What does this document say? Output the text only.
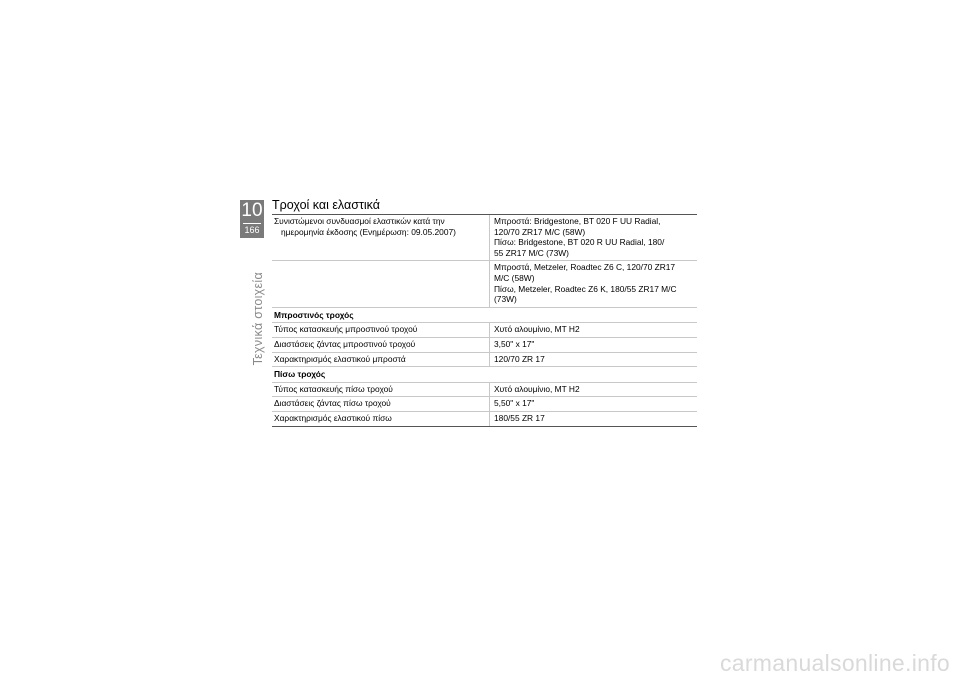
10
166
Τεχνικά στοιχεία
Τροχοί και ελαστικά
Συνιστώμενοι συνδυασμοί ελαστικών κατά την
ημερομηνία έκδοσης (Ενημέρωση: 09.05.2007)	Μπροστά: Bridgestone, BT 020 F UU Radial,
120/70 ZR17 M/C (58W)
Πίσω: Bridgestone, BT 020 R UU Radial, 180/
55 ZR17 M/C (73W)

	Μπροστά, Metzeler, Roadtec Z6 C, 120/70 ZR17
M/C (58W)
Πίσω, Metzeler, Roadtec Z6 K, 180/55 ZR17 M/C
(73W)

Μπροστινός τροχός	
Τύπος κατασκευής μπροστινού τροχού	Χυτό αλουμίνιο, MT H2
Διαστάσεις ζάντας μπροστινού τροχού	3,50" x 17"
Χαρακτηρισμός ελαστικού μπροστά	120/70 ZR 17
Πίσω τροχός	
Τύπος κατασκευής πίσω τροχού	Χυτό αλουμίνιο, MT H2
Διαστάσεις ζάντας πίσω τροχού	5,50" x 17"
Χαρακτηρισμός ελαστικού πίσω	180/55 ZR 17
carmanualsonline.info
